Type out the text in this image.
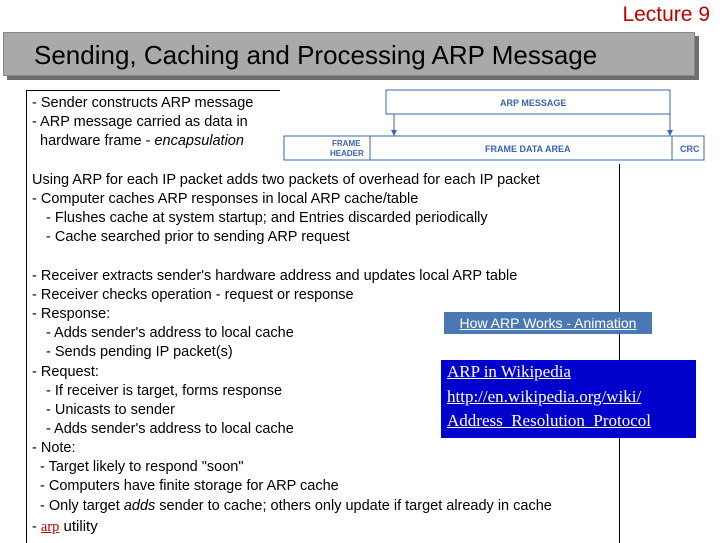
Lecture 9
Sending, Caching and Processing ARP Message
- Sender constructs ARP message
- ARP message carried as data in
hardware frame - encapsulation
ARP MESSAGE
FRAME
HEADER	FRAME DATA AREA	CRC
Using ARP for each IP packet adds two packets of overhead for each IP packet
- Computer caches ARP responses in local ARP cache/table
- Flushes cache at system startup; and Entries discarded periodically
- Cache searched prior to sending ARP request
- Receiver extracts sender's hardware address and updates local ARP table
- Receiver checks operation - request or response
- Response:
- Adds sender's address to local cache
- Sends pending IP packet(s)
- Request:
- If receiver is target, forms response
- Unicasts to sender
- Adds sender's address to local cache
- Note:
- Target likely to respond "soon"
- Computers have finite storage for ARP cache
- Only target adds sender to cache; others only update if target already in cache
- arp utility
How ARP Works - Animation
ARP in Wikipedia
http://en.wikipedia.org/wiki/
Address_Resolution_Protocol
